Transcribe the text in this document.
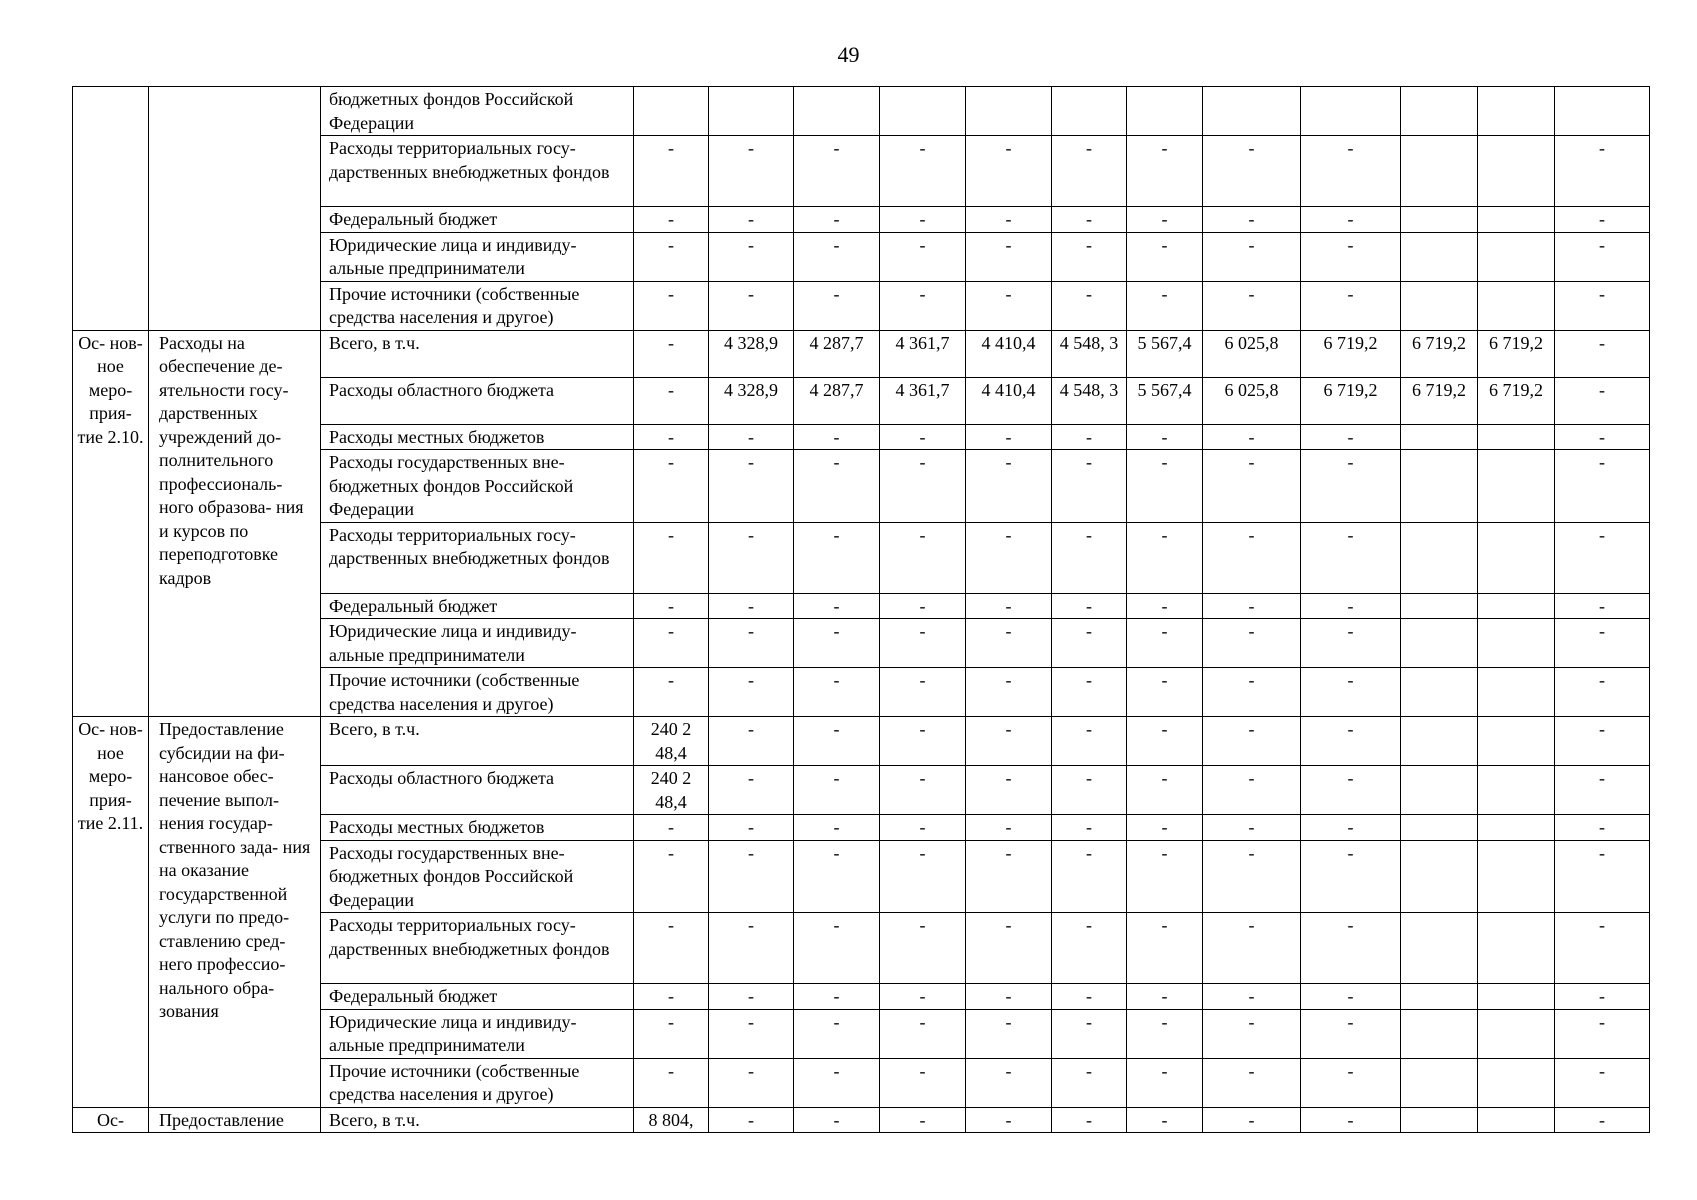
49
		бюджетных фондов Российской Федерации												
		Расходы территориальных госу- дарственных внебюджетных фондов	-	-	-	-	-	-	-	-	-			-
		Федеральный бюджет	-	-	-	-	-	-	-	-	-			-
		Юридические лица и индивиду- альные предприниматели	-	-	-	-	-	-	-	-	-			-
		Прочие источники (собственные средства населения и другое)	-	-	-	-	-	-	-	-	-			-
Ос- нов- ное меро- прия- тие 2.10.	Расходы на обеспечение де- ятельности госу- дарственных учреждений до- полнительного профессиональ- ного образова- ния и курсов по переподготовке кадров	Всего, в т.ч.	-	4 328,9	4 287,7	4 361,7	4 410,4	4 548, 3	5 567,4	6 025,8	6 719,2	6 719,2	6 719,2	-
		Расходы областного бюджета	-	4 328,9	4 287,7	4 361,7	4 410,4	4 548, 3	5 567,4	6 025,8	6 719,2	6 719,2	6 719,2	-
		Расходы местных бюджетов	-	-	-	-	-	-	-	-	-			-
		Расходы государственных вне- бюджетных фондов Российской Федерации	-	-	-	-	-	-	-	-	-			-
		Расходы территориальных госу- дарственных внебюджетных фондов	-	-	-	-	-	-	-	-	-			-
		Федеральный бюджет	-	-	-	-	-	-	-	-	-			-
		Юридические лица и индивиду- альные предприниматели	-	-	-	-	-	-	-	-	-			-
		Прочие источники (собственные средства населения и другое)	-	-	-	-	-	-	-	-	-			-
Ос- нов- ное меро- прия- тие 2.11.	Предоставление субсидии на фи- нансовое обес- печение выпол- нения государ- ственного зада- ния на оказание государственной услуги по предо- ставлению сред- него профессио- нального обра- зования	Всего, в т.ч.	240 2 48,4	-	-	-	-	-	-	-	-			-
		Расходы областного бюджета	240 2 48,4	-	-	-	-	-	-	-	-			-
		Расходы местных бюджетов	-	-	-	-	-	-	-	-	-			-
		Расходы государственных вне- бюджетных фондов Российской Федерации	-	-	-	-	-	-	-	-	-			-
		Расходы территориальных госу- дарственных внебюджетных фондов	-	-	-	-	-	-	-	-	-			-
		Федеральный бюджет	-	-	-	-	-	-	-	-	-			-
		Юридические лица и индивиду- альные предприниматели	-	-	-	-	-	-	-	-	-			-
		Прочие источники (собственные средства населения и другое)	-	-	-	-	-	-	-	-	-			-
Ос-	Предоставление	Всего, в т.ч.	8 804,	-	-	-	-	-	-	-	-			-
